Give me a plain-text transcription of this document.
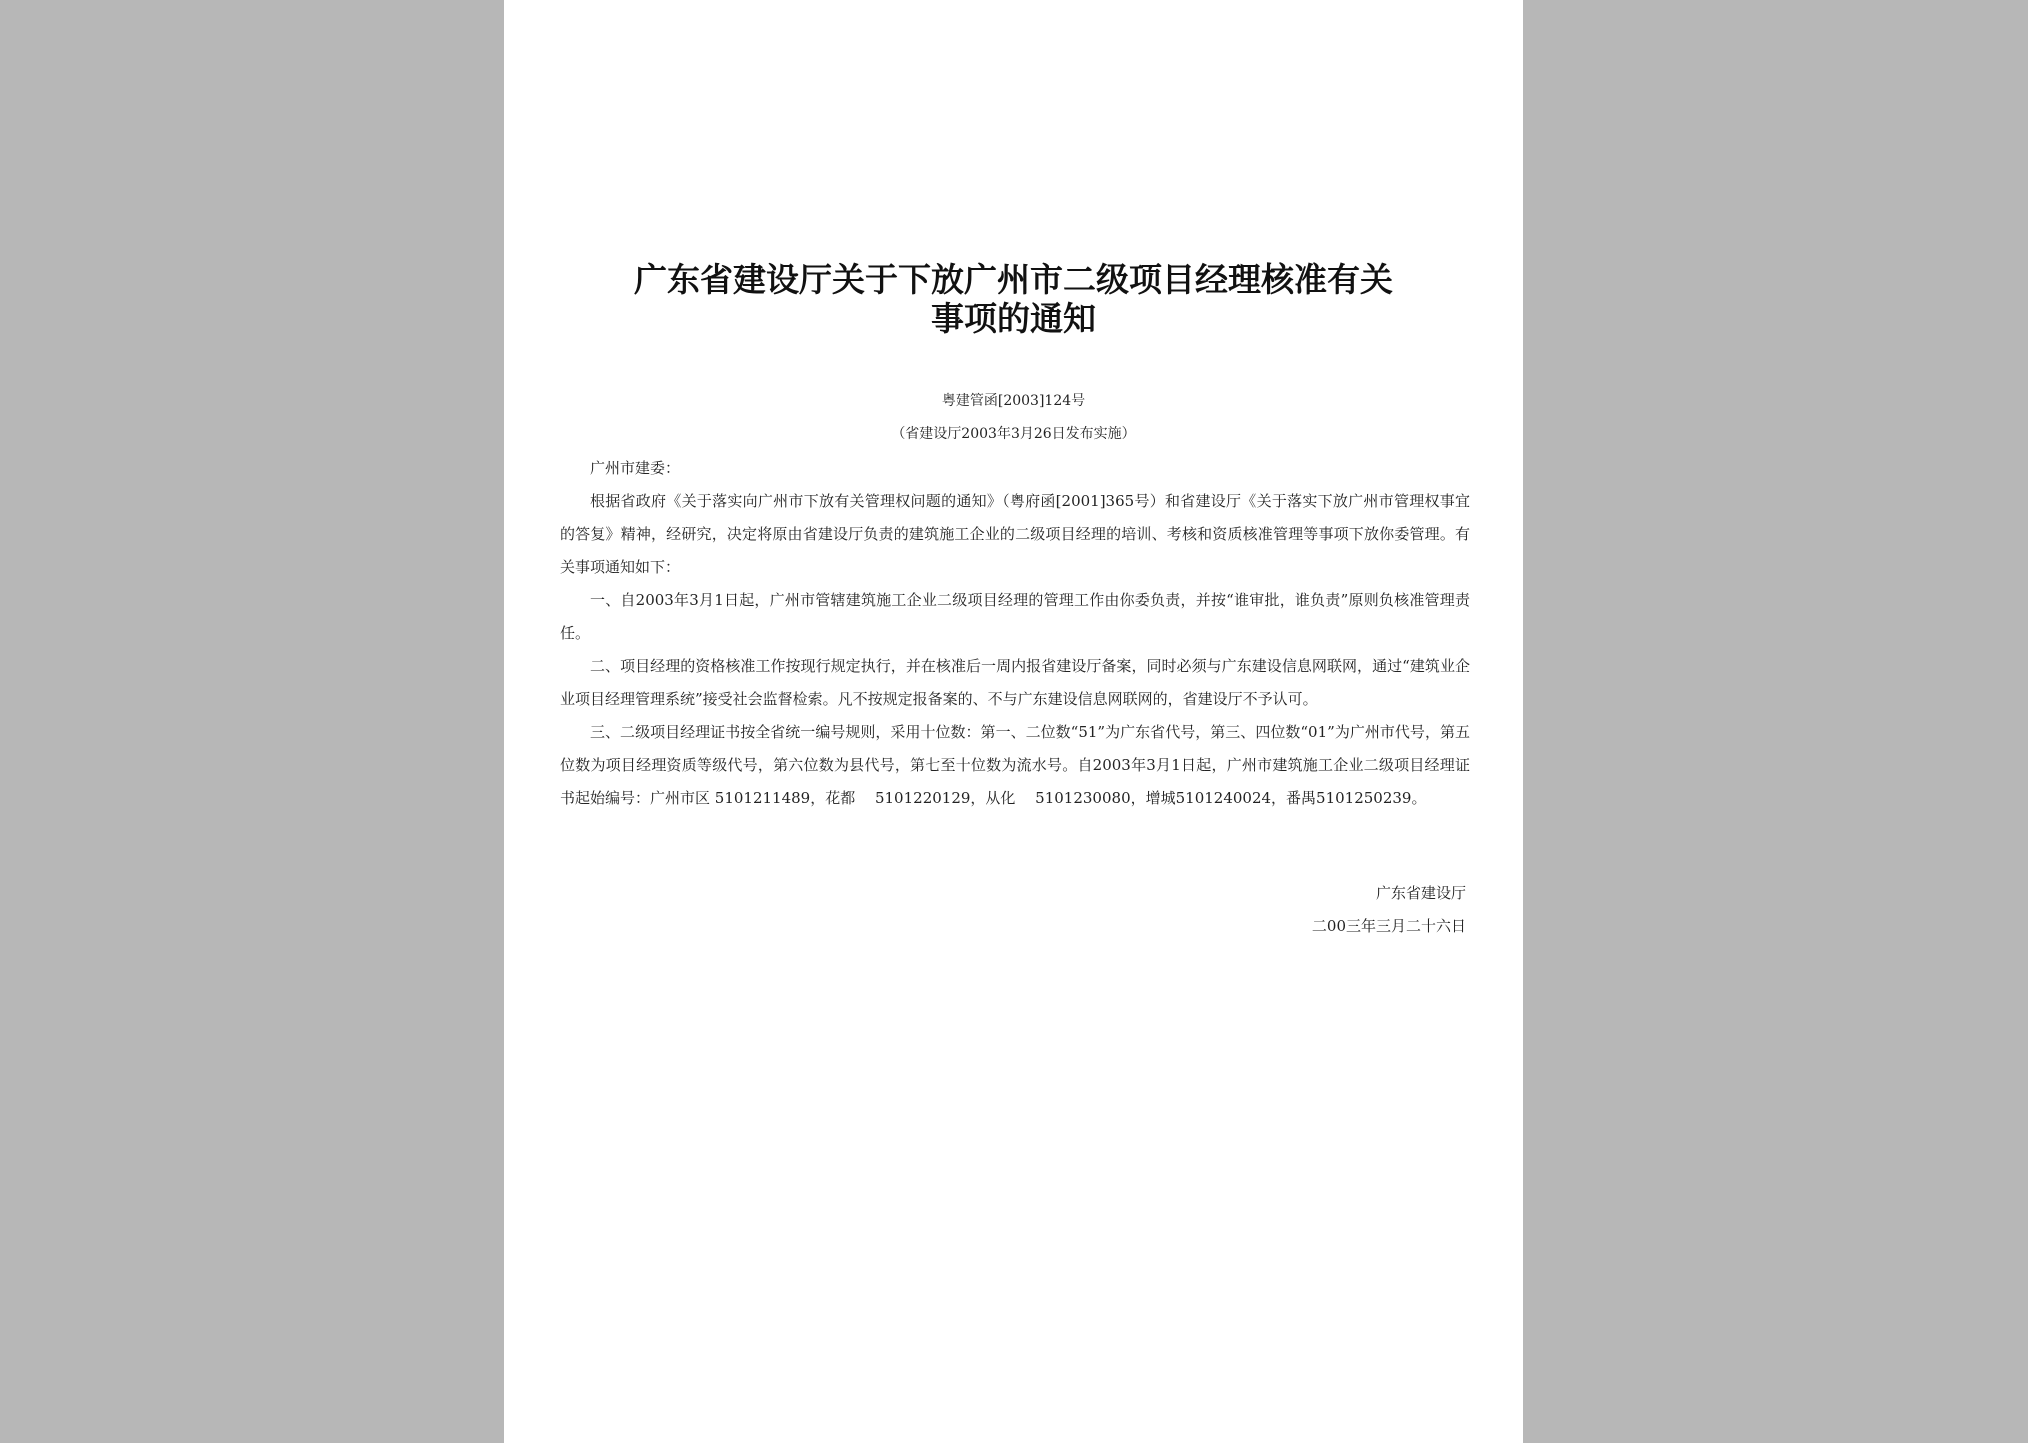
广东省建设厅关于下放广州市二级项目经理核准有关
事项的通知
粤建管函[2003]124号
（省建设厅2003年3月26日发布实施）

广州市建委：

根据省政府《关于落实向广州市下放有关管理权问题的通知》（粤府函[2001]365号）和省建设厅《关于落实下放广州市管理权事宜的答复》精神，经研究，决定将原由省建设厅负责的建筑施工企业的二级项目经理的培训、考核和资质核准管理等事项下放你委管理。有关事项通知如下：

一、自2003年3月1日起，广州市管辖建筑施工企业二级项目经理的管理工作由你委负责，并按“谁审批，谁负责”原则负核准管理责任。

二、项目经理的资格核准工作按现行规定执行，并在核准后一周内报省建设厅备案，同时必须与广东建设信息网联网，通过“建筑业企业项目经理管理系统”接受社会监督检索。凡不按规定报备案的、不与广东建设信息网联网的，省建设厅不予认可。

三、二级项目经理证书按全省统一编号规则，采用十位数：第一、二位数“51”为广东省代号，第三、四位数“01”为广州市代号，第五位数为项目经理资质等级代号，第六位数为县代号，第七至十位数为流水号。自2003年3月1日起，广州市建筑施工企业二级项目经理证书起始编号：广州市区 5101211489，花都　 5101220129，从化　 5101230080，增城5101240024，番禺5101250239。

广东省建设厅
二00三年三月二十六日
